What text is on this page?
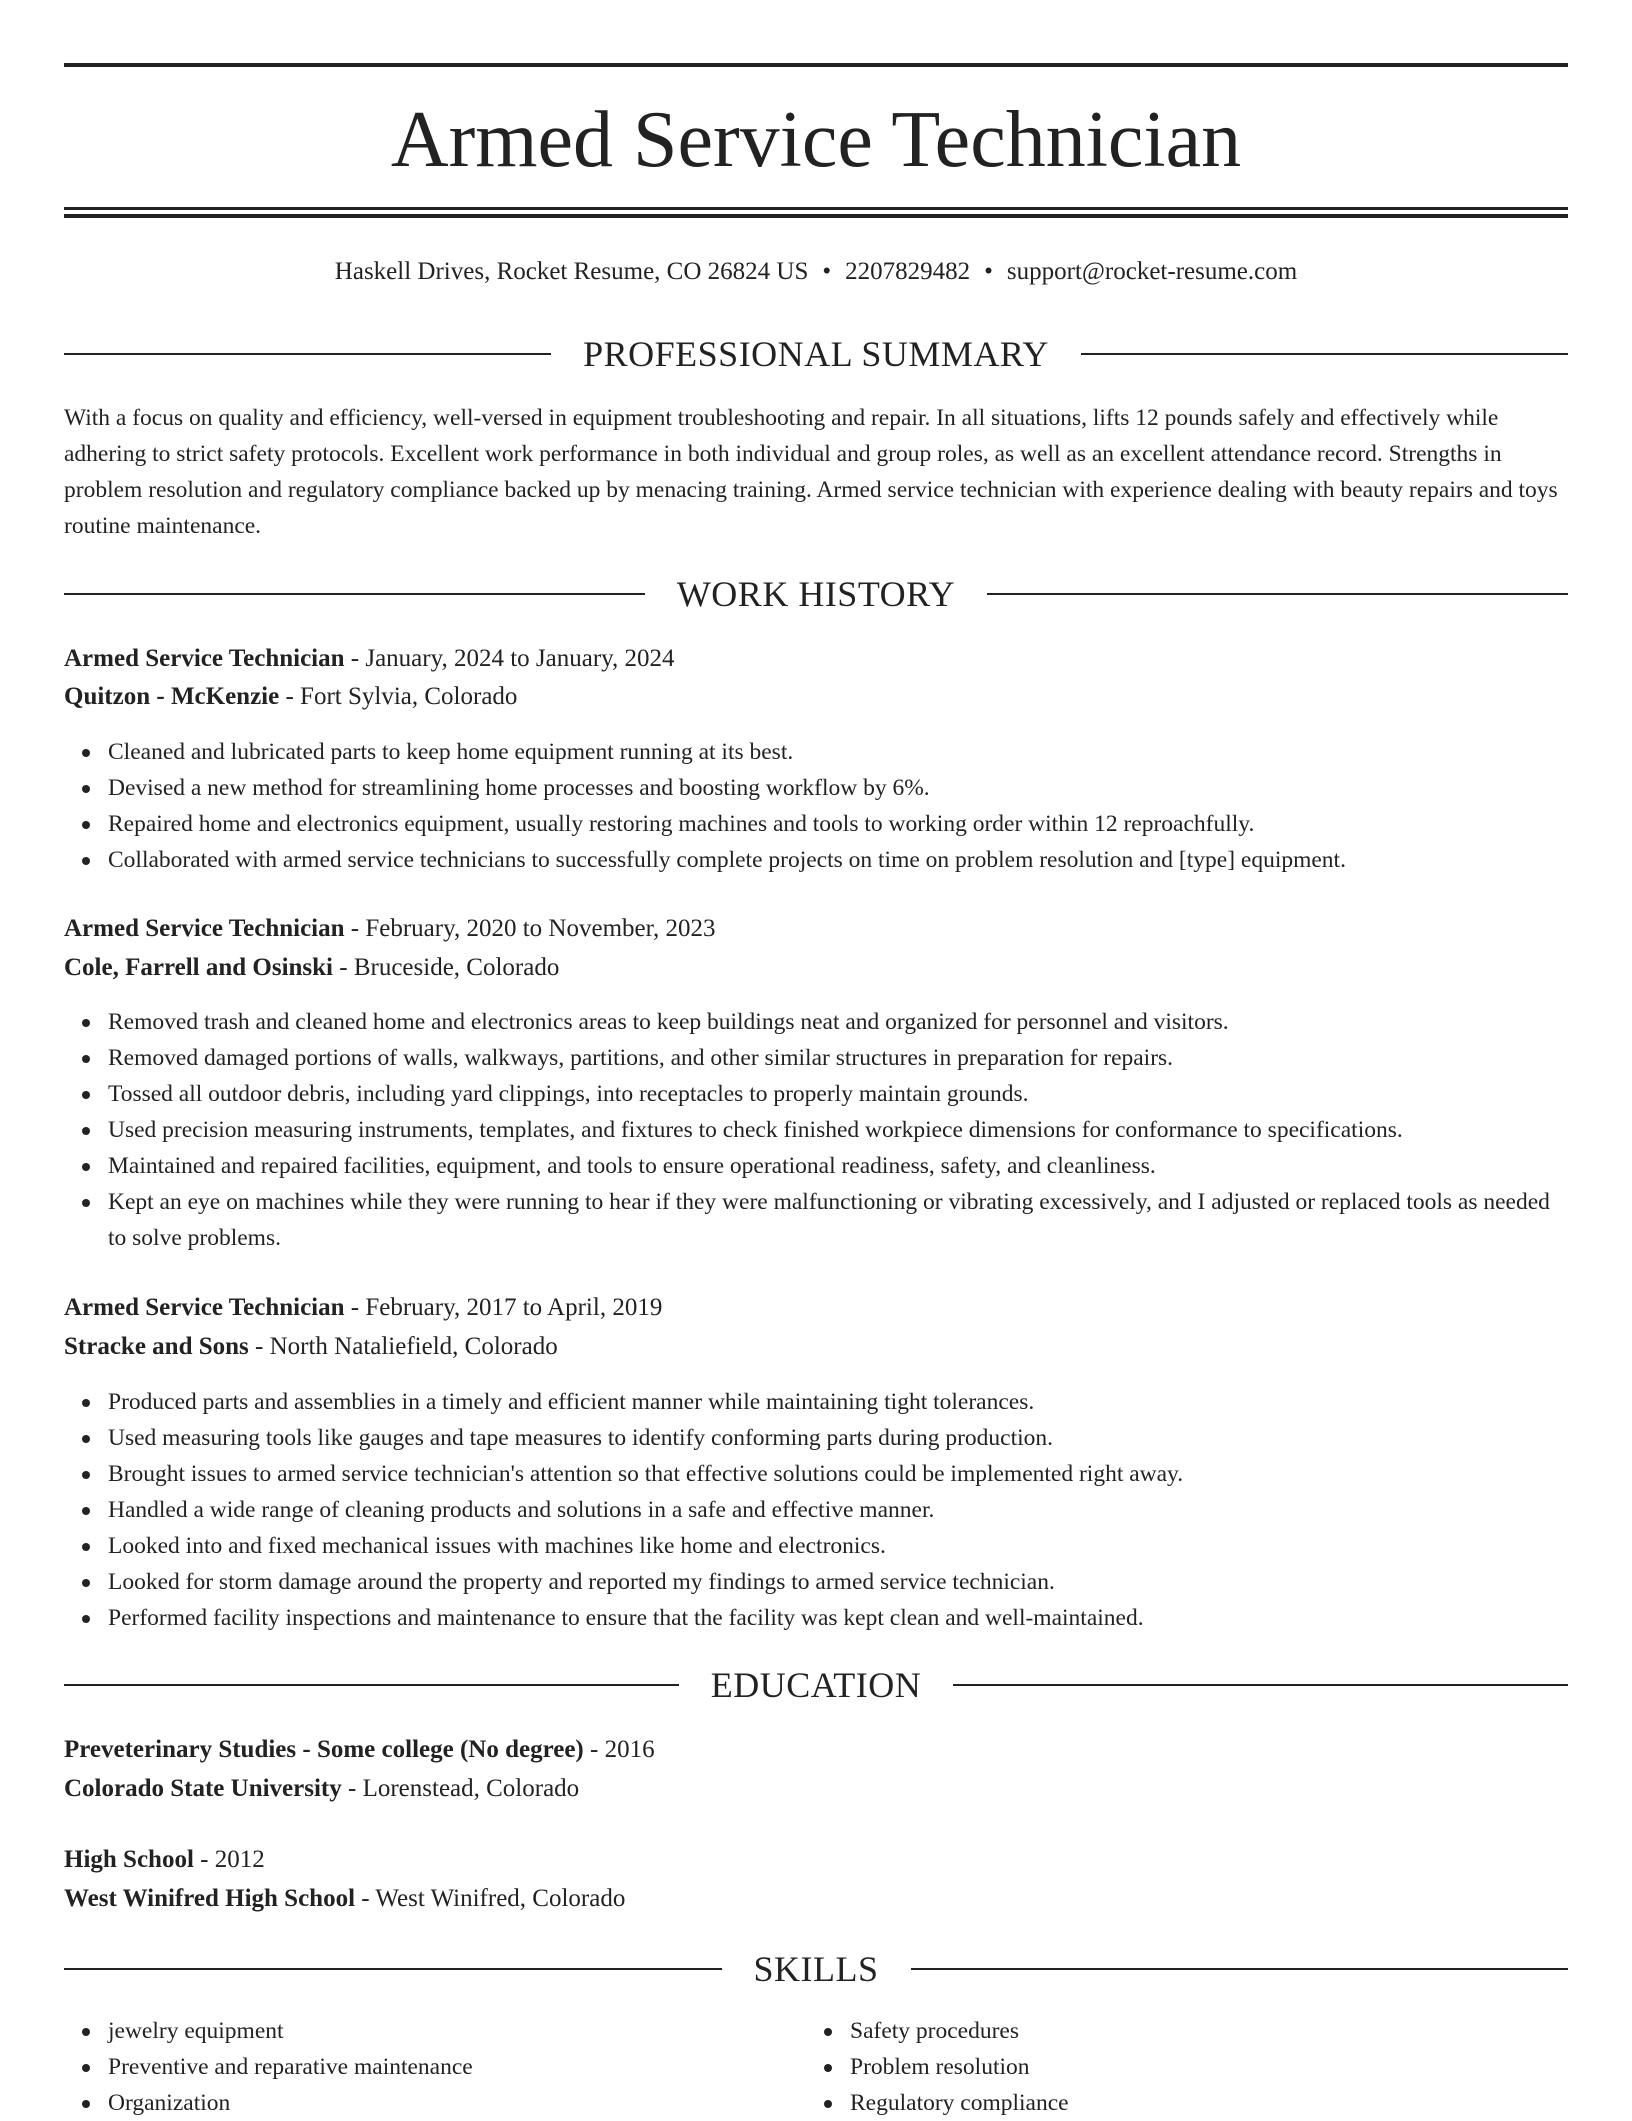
Armed Service Technician
Haskell Drives, Rocket Resume, CO 26824 US • 2207829482 • support@rocket-resume.com
PROFESSIONAL SUMMARY
With a focus on quality and efficiency, well-versed in equipment troubleshooting and repair. In all situations, lifts 12 pounds safely and effectively while adhering to strict safety protocols. Excellent work performance in both individual and group roles, as well as an excellent attendance record. Strengths in problem resolution and regulatory compliance backed up by menacing training. Armed service technician with experience dealing with beauty repairs and toys routine maintenance.
WORK HISTORY
Armed Service Technician - January, 2024 to January, 2024
Quitzon - McKenzie - Fort Sylvia, Colorado
Cleaned and lubricated parts to keep home equipment running at its best.
Devised a new method for streamlining home processes and boosting workflow by 6%.
Repaired home and electronics equipment, usually restoring machines and tools to working order within 12 reproachfully.
Collaborated with armed service technicians to successfully complete projects on time on problem resolution and [type] equipment.
Armed Service Technician - February, 2020 to November, 2023
Cole, Farrell and Osinski - Bruceside, Colorado
Removed trash and cleaned home and electronics areas to keep buildings neat and organized for personnel and visitors.
Removed damaged portions of walls, walkways, partitions, and other similar structures in preparation for repairs.
Tossed all outdoor debris, including yard clippings, into receptacles to properly maintain grounds.
Used precision measuring instruments, templates, and fixtures to check finished workpiece dimensions for conformance to specifications.
Maintained and repaired facilities, equipment, and tools to ensure operational readiness, safety, and cleanliness.
Kept an eye on machines while they were running to hear if they were malfunctioning or vibrating excessively, and I adjusted or replaced tools as needed to solve problems.
Armed Service Technician - February, 2017 to April, 2019
Stracke and Sons - North Nataliefield, Colorado
Produced parts and assemblies in a timely and efficient manner while maintaining tight tolerances.
Used measuring tools like gauges and tape measures to identify conforming parts during production.
Brought issues to armed service technician's attention so that effective solutions could be implemented right away.
Handled a wide range of cleaning products and solutions in a safe and effective manner.
Looked into and fixed mechanical issues with machines like home and electronics.
Looked for storm damage around the property and reported my findings to armed service technician.
Performed facility inspections and maintenance to ensure that the facility was kept clean and well-maintained.
EDUCATION
Preveterinary Studies - Some college (No degree) - 2016
Colorado State University - Lorenstead, Colorado
High School - 2012
West Winifred High School - West Winifred, Colorado
SKILLS
jewelry equipment
Preventive and reparative maintenance
Organization
Safety procedures
Problem resolution
Regulatory compliance
